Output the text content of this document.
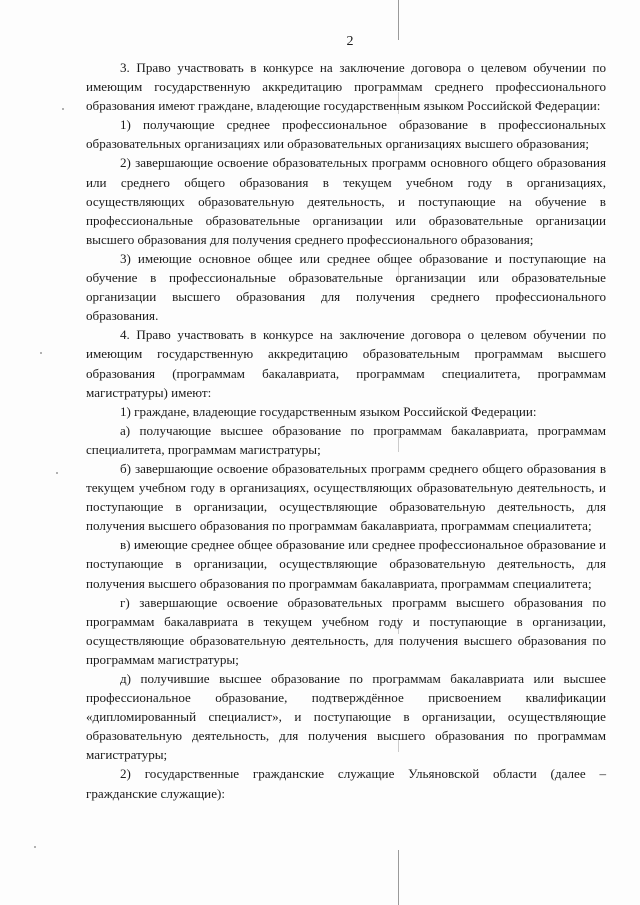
2

3. Право участвовать в конкурсе на заключение договора о целевом обучении по имеющим государственную аккредитацию программам среднего профессионального образования имеют граждане, владеющие государственным языком Российской Федерации:

1) получающие среднее профессиональное образование в профессиональных образовательных организациях или образовательных организациях высшего образования;

2) завершающие освоение образовательных программ основного общего образования или среднего общего образования в текущем учебном году в организациях, осуществляющих образовательную деятельность, и поступающие на обучение в профессиональные образовательные организации или образовательные организации высшего образования для получения среднего профессионального образования;

3) имеющие основное общее или среднее общее образование и поступающие на обучение в профессиональные образовательные организации или образовательные организации высшего образования для получения среднего профессионального образования.

4. Право участвовать в конкурсе на заключение договора о целевом обучении по имеющим государственную аккредитацию образовательным программам высшего образования (программам бакалавриата, программам специалитета, программам магистратуры) имеют:

1) граждане, владеющие государственным языком Российской Федерации:

а) получающие высшее образование по программам бакалавриата, программам специалитета, программам магистратуры;

б) завершающие освоение образовательных программ среднего общего образования в текущем учебном году в организациях, осуществляющих образовательную деятельность, и поступающие в организации, осуществляющие образовательную деятельность, для получения высшего образования по программам бакалавриата, программам специалитета;

в) имеющие среднее общее образование или среднее профессиональное образование и поступающие в организации, осуществляющие образовательную деятельность, для получения высшего образования по программам бакалавриата, программам специалитета;

г) завершающие освоение образовательных программ высшего образования по программам бакалавриата в текущем учебном году и поступающие в организации, осуществляющие образовательную деятельность, для получения высшего образования по программам магистратуры;

д) получившие высшее образование по программам бакалавриата или высшее профессиональное образование, подтверждённое присвоением квалификации «дипломированный специалист», и поступающие в организации, осуществляющие образовательную деятельность, для получения высшего образования по программам магистратуры;

2) государственные гражданские служащие Ульяновской области (далее – гражданские служащие):
